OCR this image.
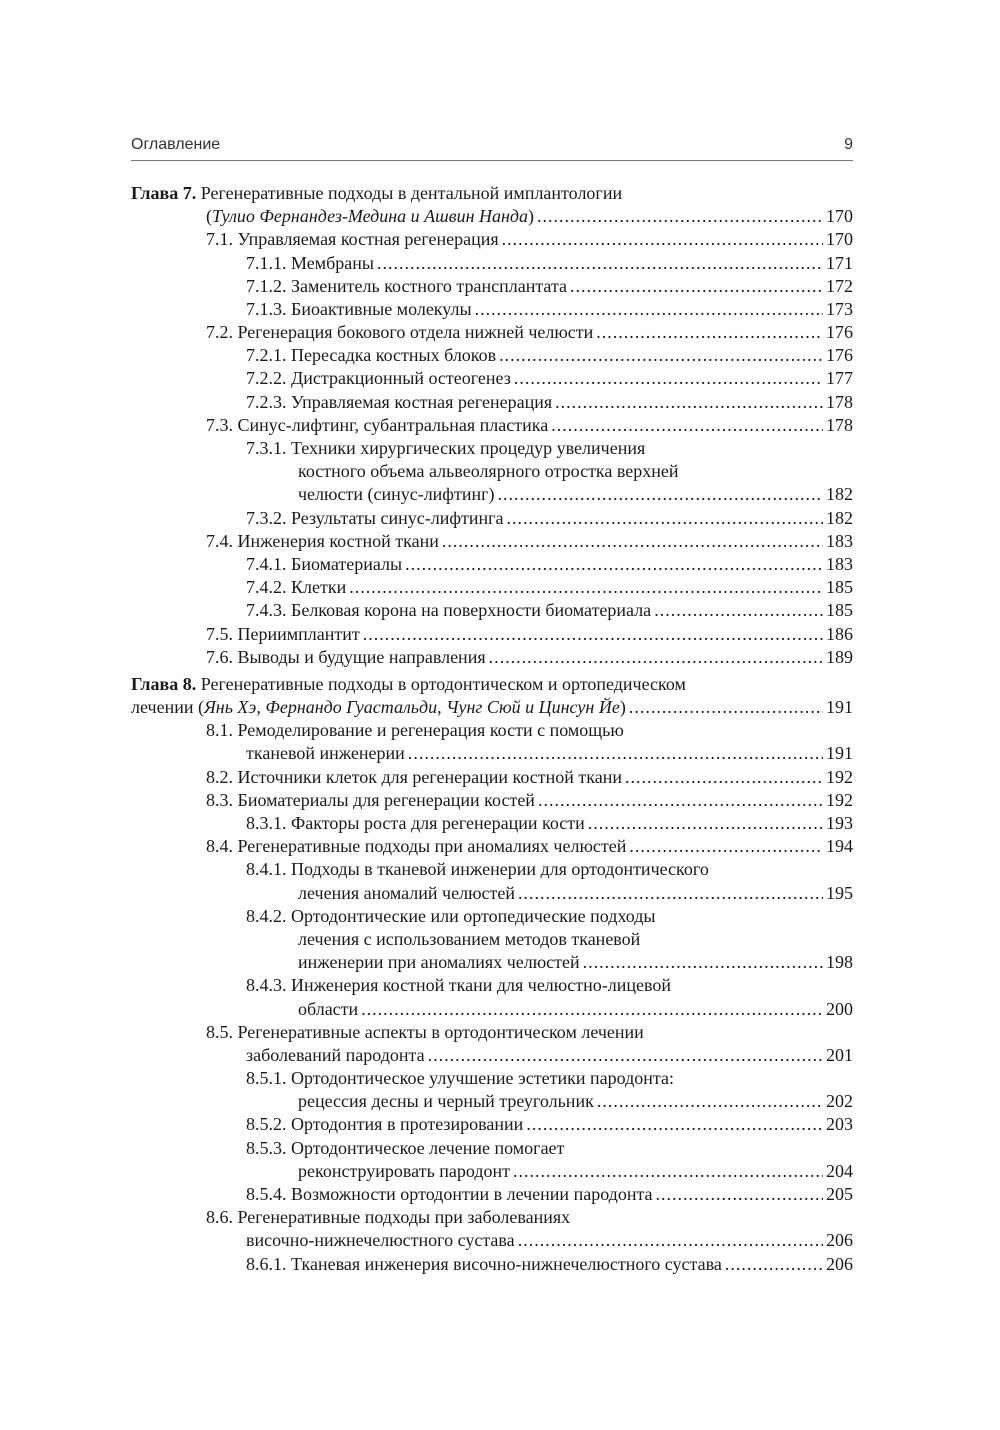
Оглавление	9
Глава 7. Регенеративные подходы в дентальной имплантологии
(Тулио Фернандез-Медина и Ашвин Нанда) .....	170
7.1. Управляемая костная регенерация .....	170
7.1.1. Мембраны .....	171
7.1.2. Заменитель костного трансплантата .....	172
7.1.3. Биоактивные молекулы .....	173
7.2. Регенерация бокового отдела нижней челюсти .....	176
7.2.1. Пересадка костных блоков .....	176
7.2.2. Дистракционный остеогенез .....	177
7.2.3. Управляемая костная регенерация .....	178
7.3. Синус-лифтинг, субантральная пластика .....	178
7.3.1. Техники хирургических процедур увеличения
костного объема альвеолярного отростка верхней
челюсти (синус-лифтинг) .....	182
7.3.2. Результаты синус-лифтинга .....	182
7.4. Инженерия костной ткани .....	183
7.4.1. Биоматериалы .....	183
7.4.2. Клетки .....	185
7.4.3. Белковая корона на поверхности биоматериала .....	185
7.5. Периимплантит .....	186
7.6. Выводы и будущие направления .....	189
Глава 8. Регенеративные подходы в ортодонтическом и ортопедическом
лечении (Янь Хэ, Фернандо Гуастальди, Чунг Сюй и Цинсун Йе) .....	191
8.1. Ремоделирование и регенерация кости с помощью
тканевой инженерии .....	191
8.2. Источники клеток для регенерации костной ткани .....	192
8.3. Биоматериалы для регенерации костей .....	192
8.3.1. Факторы роста для регенерации кости .....	193
8.4. Регенеративные подходы при аномалиях челюстей .....	194
8.4.1. Подходы в тканевой инженерии для ортодонтического
лечения аномалий челюстей .....	195
8.4.2. Ортодонтические или ортопедические подходы
лечения с использованием методов тканевой
инженерии при аномалиях челюстей .....	198
8.4.3. Инженерия костной ткани для челюстно-лицевой
области .....	200
8.5. Регенеративные аспекты в ортодонтическом лечении
заболеваний пародонта .....	201
8.5.1. Ортодонтическое улучшение эстетики пародонта:
рецессия десны и черный треугольник .....	202
8.5.2. Ортодонтия в протезировании .....	203
8.5.3. Ортодонтическое лечение помогает
реконструировать пародонт .....	204
8.5.4. Возможности ортодонтии в лечении пародонта .....	205
8.6. Регенеративные подходы при заболеваниях
височно-нижнечелюстного сустава .....	206
8.6.1. Тканевая инженерия височно-нижнечелюстного сустава .....	206
